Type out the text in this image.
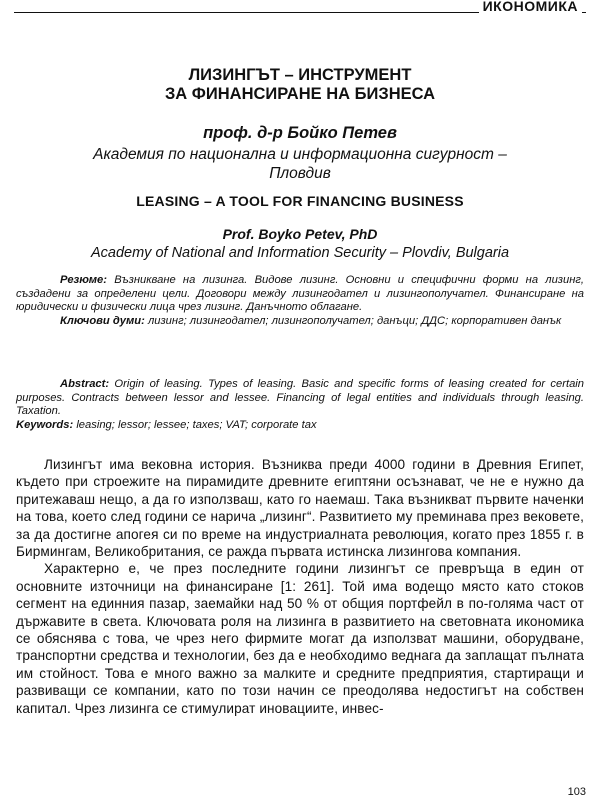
ИКОНОМИКА
ЛИЗИНГЪТ – ИНСТРУМЕНТ
ЗА ФИНАНСИРАНЕ НА БИЗНЕСА
проф. д-р Бойко Петев
Академия по национална и информационна сигурност –
Пловдив
LEASING – A TOOL FOR FINANCING BUSINESS
Prof. Boyko Petev, PhD
Academy of National and Information Security – Plovdiv, Bulgaria

Резюме: Възникване на лизинга. Видове лизинг. Основни и специфични форми на лизинг, създадени за определени цели. Договори между лизингодател и лизингополучател. Финансиране на юридически и физически лица чрез лизинг. Данъчното облагане.

Ключови думи: лизинг; лизингодател; лизингополучател; данъци; ДДС; корпоративен данък

Abstract: Origin of leasing. Types of leasing. Basic and specific forms of leasing created for certain purposes. Contracts between lessor and lessee. Financing of legal entities and individuals through leasing. Taxation.

Keywords: leasing; lessor; lessee; taxes; VAT; corporate tax

Лизингът има вековна история. Възниква преди 4000 години в Древния Египет, където при строежите на пирамидите древните египтяни осъзнават, че не е нужно да притежаваш нещо, а да го използваш, като го наемаш. Така възникват първите наченки на това, което след години се нарича „лизинг“. Развитието му преминава през вековете, за да достигне апогея си по време на индустриалната революция, когато през 1855 г. в Бирмингам, Великобритания, се ражда първата истинска лизингова компания.

Характерно е, че през последните години лизингът се превръща в един от основните източници на финансиране [1: 261]. Той има водещо място като стоков сегмент на единния пазар, заемайки над 50 % от общия портфейл в по-голяма част от държавите в света. Ключовата роля на лизинга в развитието на световната икономика се обяснява с това, че чрез него фирмите могат да използват машини, оборудване, транспортни средства и технологии, без да е необходимо веднага да заплащат пълната им стойност. Това е много важно за малките и средните предприятия, стартиращи и развиващи се компании, като по този начин се преодолява недостигът на собствен капитал. Чрез лизинга се стимулират иновациите, инвес-

103
